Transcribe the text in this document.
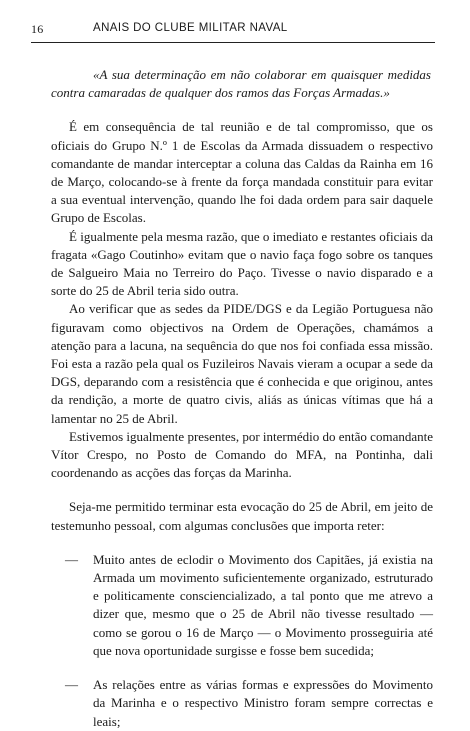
16	ANAIS DO CLUBE MILITAR NAVAL

«A sua determinação em não colaborar em quaisquer medidas contra camaradas de qualquer dos ramos das Forças Armadas.»

É em consequência de tal reunião e de tal compromisso, que os oficiais do Grupo N.º 1 de Escolas da Armada dissuadem o respectivo comandante de mandar interceptar a coluna das Caldas da Rainha em 16 de Março, colocando-se à frente da força mandada constituir para evitar a sua eventual intervenção, quando lhe foi dada ordem para sair daquele Grupo de Escolas.

É igualmente pela mesma razão, que o imediato e restantes oficiais da fragata «Gago Coutinho» evitam que o navio faça fogo sobre os tanques de Salgueiro Maia no Terreiro do Paço. Tivesse o navio disparado e a sorte do 25 de Abril teria sido outra.

Ao verificar que as sedes da PIDE/DGS e da Legião Portuguesa não figuravam como objectivos na Ordem de Operações, chamámos a atenção para a lacuna, na sequência do que nos foi confiada essa missão. Foi esta a razão pela qual os Fuzileiros Navais vieram a ocupar a sede da DGS, deparando com a resistência que é conhecida e que originou, antes da rendição, a morte de quatro civis, aliás as únicas vítimas que há a lamentar no 25 de Abril.

Estivemos igualmente presentes, por intermédio do então comandante Vítor Crespo, no Posto de Comando do MFA, na Pontinha, dali coordenando as acções das forças da Marinha.

Seja-me permitido terminar esta evocação do 25 de Abril, em jeito de testemunho pessoal, com algumas conclusões que importa reter:

— Muito antes de eclodir o Movimento dos Capitães, já existia na Armada um movimento suficientemente organizado, estruturado e politicamente consciencializado, a tal ponto que me atrevo a dizer que, mesmo que o 25 de Abril não tivesse resultado — como se gorou o 16 de Março — o Movimento prosseguiria até que nova oportunidade surgisse e fosse bem sucedida;
— As relações entre as várias formas e expressões do Movimento da Marinha e o respectivo Ministro foram sempre correctas e leais;
